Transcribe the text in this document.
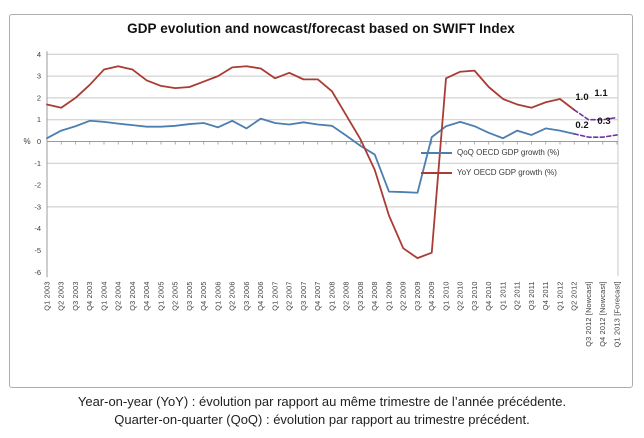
GDP evolution and nowcast/forecast based on SWIFT Index
4
3
2
1
0
-1
-2
-3
-4
-5
-6
%
Q1 2003 Q2 2003 Q3 2003 Q4 2003 Q1 2004 Q2 2004 Q3 2004 Q4 2004 Q1 2005 Q2 2005 Q3 2005 Q4 2005 Q1 2006 Q2 2006 Q3 2006 Q4 2006 Q1 2007 Q2 2007 Q3 2007 Q4 2007 Q1 2008 Q2 2008 Q3 2008 Q4 2008 Q1 2009 Q2 2009 Q3 2009 Q4 2009 Q1 2010 Q2 2010 Q3 2010 Q4 2010 Q1 2011 Q2 2011 Q3 2011 Q4 2011 Q1 2012 Q2 2012 Q3 2012 [Nowcast] Q4 2012 [Nowcast] Q1 2013 [Forecast]
1.0 1.1
0.2 0.3
QoQ OECD GDP growth (%)
YoY OECD GDP growth (%)
Year-on-year (YoY) : évolution par rapport au même trimestre de l’année précédente.
Quarter-on-quarter (QoQ) : évolution par rapport au trimestre précédent.
